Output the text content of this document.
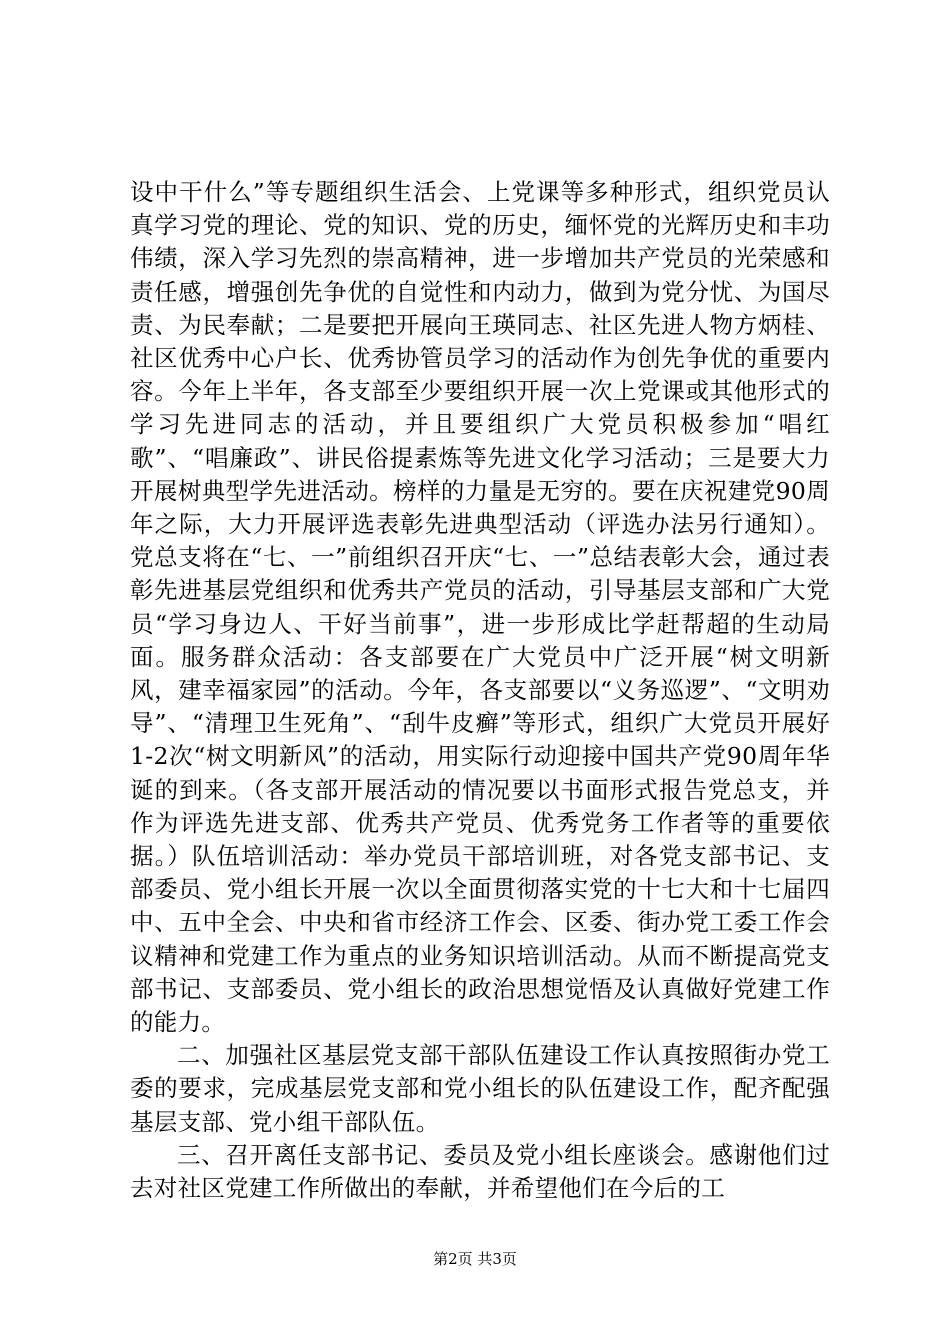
设中干什么”等专题组织生活会、上党课等多种形式，组织党员认真学习党的理论、党的知识、党的历史，缅怀党的光辉历史和丰功伟绩，深入学习先烈的崇高精神，进一步增加共产党员的光荣感和责任感，增强创先争优的自觉性和内动力，做到为党分忧、为国尽责、为民奉献；二是要把开展向王瑛同志、社区先进人物方炳桂、社区优秀中心户长、优秀协管员学习的活动作为创先争优的重要内容。今年上半年，各支部至少要组织开展一次上党课或其他形式的学习先进同志的活动，并且要组织广大党员积极参加“唱红歌”、“唱廉政”、讲民俗提素炼等先进文化学习活动；三是要大力开展树典型学先进活动。榜样的力量是无穷的。要在庆祝建党90周年之际，大力开展评选表彰先进典型活动（评选办法另行通知）。党总支将在“七、一”前组织召开庆“七、一”总结表彰大会，通过表彰先进基层党组织和优秀共产党员的活动，引导基层支部和广大党员“学习身边人、干好当前事”，进一步形成比学赶帮超的生动局面。服务群众活动：各支部要在广大党员中广泛开展“树文明新风，建幸福家园”的活动。今年，各支部要以“义务巡逻”、“文明劝导”、“清理卫生死角”、“刮牛皮癣”等形式，组织广大党员开展好1-2次“树文明新风”的活动，用实际行动迎接中国共产党90周年华诞的到来。（各支部开展活动的情况要以书面形式报告党总支，并作为评选先进支部、优秀共产党员、优秀党务工作者等的重要依据。）队伍培训活动：举办党员干部培训班，对各党支部书记、支部委员、党小组长开展一次以全面贯彻落实党的十七大和十七届四中、五中全会、中央和省市经济工作会、区委、街办党工委工作会议精神和党建工作为重点的业务知识培训活动。从而不断提高党支部书记、支部委员、党小组长的政治思想觉悟及认真做好党建工作的能力。

二、加强社区基层党支部干部队伍建设工作认真按照街办党工委的要求，完成基层党支部和党小组长的队伍建设工作，配齐配强基层支部、党小组干部队伍。

三、召开离任支部书记、委员及党小组长座谈会。感谢他们过去对社区党建工作所做出的奉献，并希望他们在今后的工

第2页 共3页
